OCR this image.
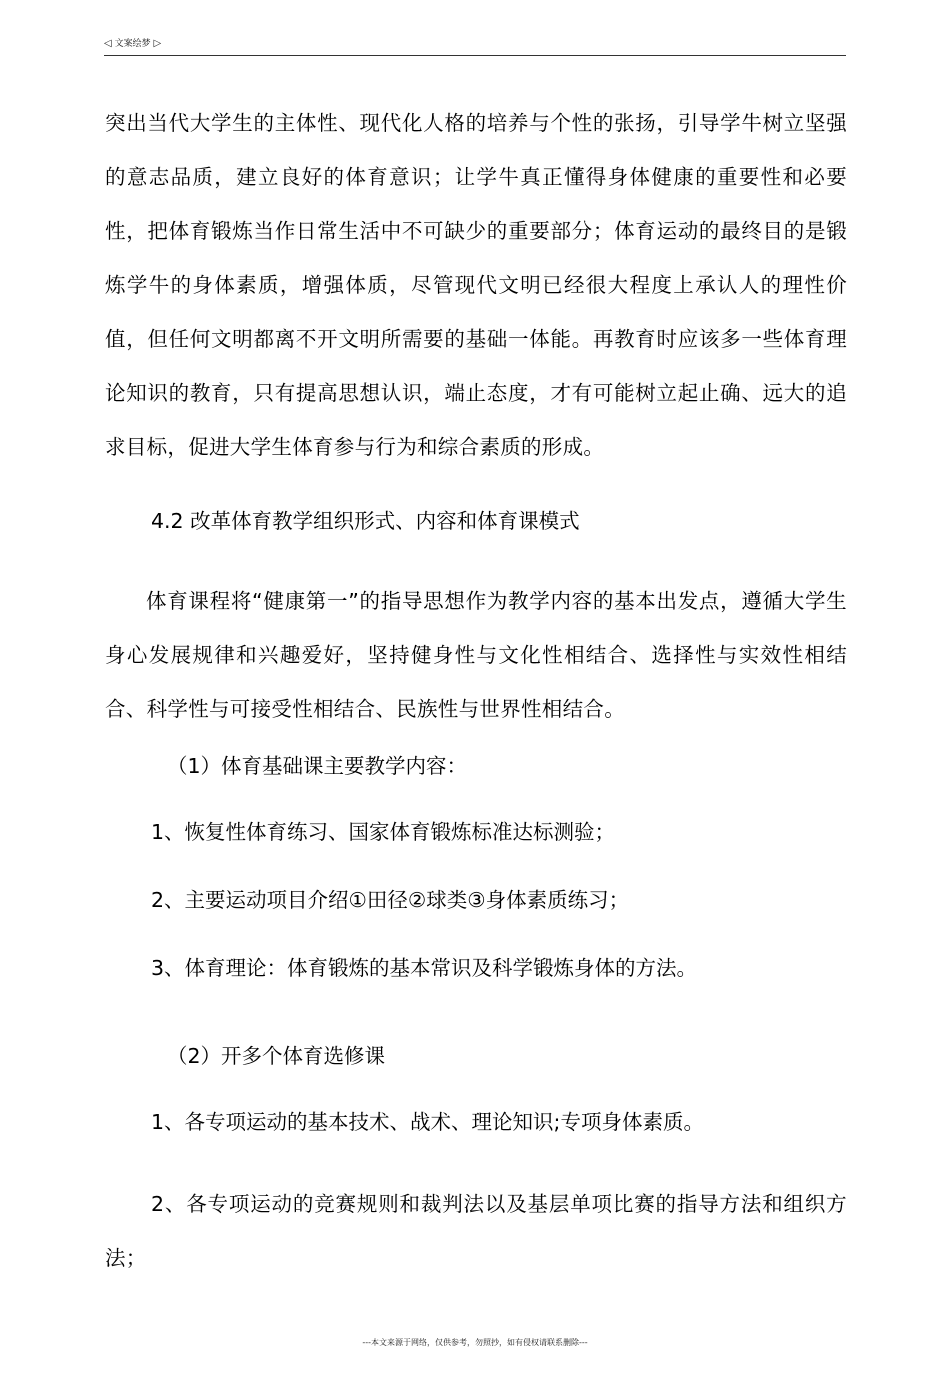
◁ 文案绘梦 ▷

突出当代大学生的主体性、现代化人格的培养与个性的张扬，引导学牛树立坚强的意志品质，建立良好的体育意识；让学牛真正懂得身体健康的重要性和必要性，把体育锻炼当作日常生活中不可缺少的重要部分；体育运动的最终目的是锻炼学牛的身体素质，增强体质，尽管现代文明已经很大程度上承认人的理性价值，但任何文明都离不开文明所需要的基础一体能。再教育时应该多一些体育理论知识的教育，只有提高思想认识，端止态度，才有可能树立起止确、远大的追求目标，促进大学生体育参与行为和综合素质的形成。

4.2 改革体育教学组织形式、内容和体育课模式

体育课程将“健康第一”的指导思想作为教学内容的基本出发点，遵循大学生身心发展规律和兴趣爱好，坚持健身性与文化性相结合、选择性与实效性相结合、科学性与可接受性相结合、民族性与世界性相结合。

（1）体育基础课主要教学内容：

1、恢复性体育练习、国家体育锻炼标准达标测验；

2、主要运动项目介绍①田径②球类③身体素质练习；

3、体育理论：体育锻炼的基本常识及科学锻炼身体的方法。

（2）开多个体育选修课

1、各专项运动的基本技术、战术、理论知识;专项身体素质。

2、各专项运动的竞赛规则和裁判法以及基层单项比赛的指导方法和组织方法；

---本文来源于网络，仅供参考，勿照抄，如有侵权请联系删除---
